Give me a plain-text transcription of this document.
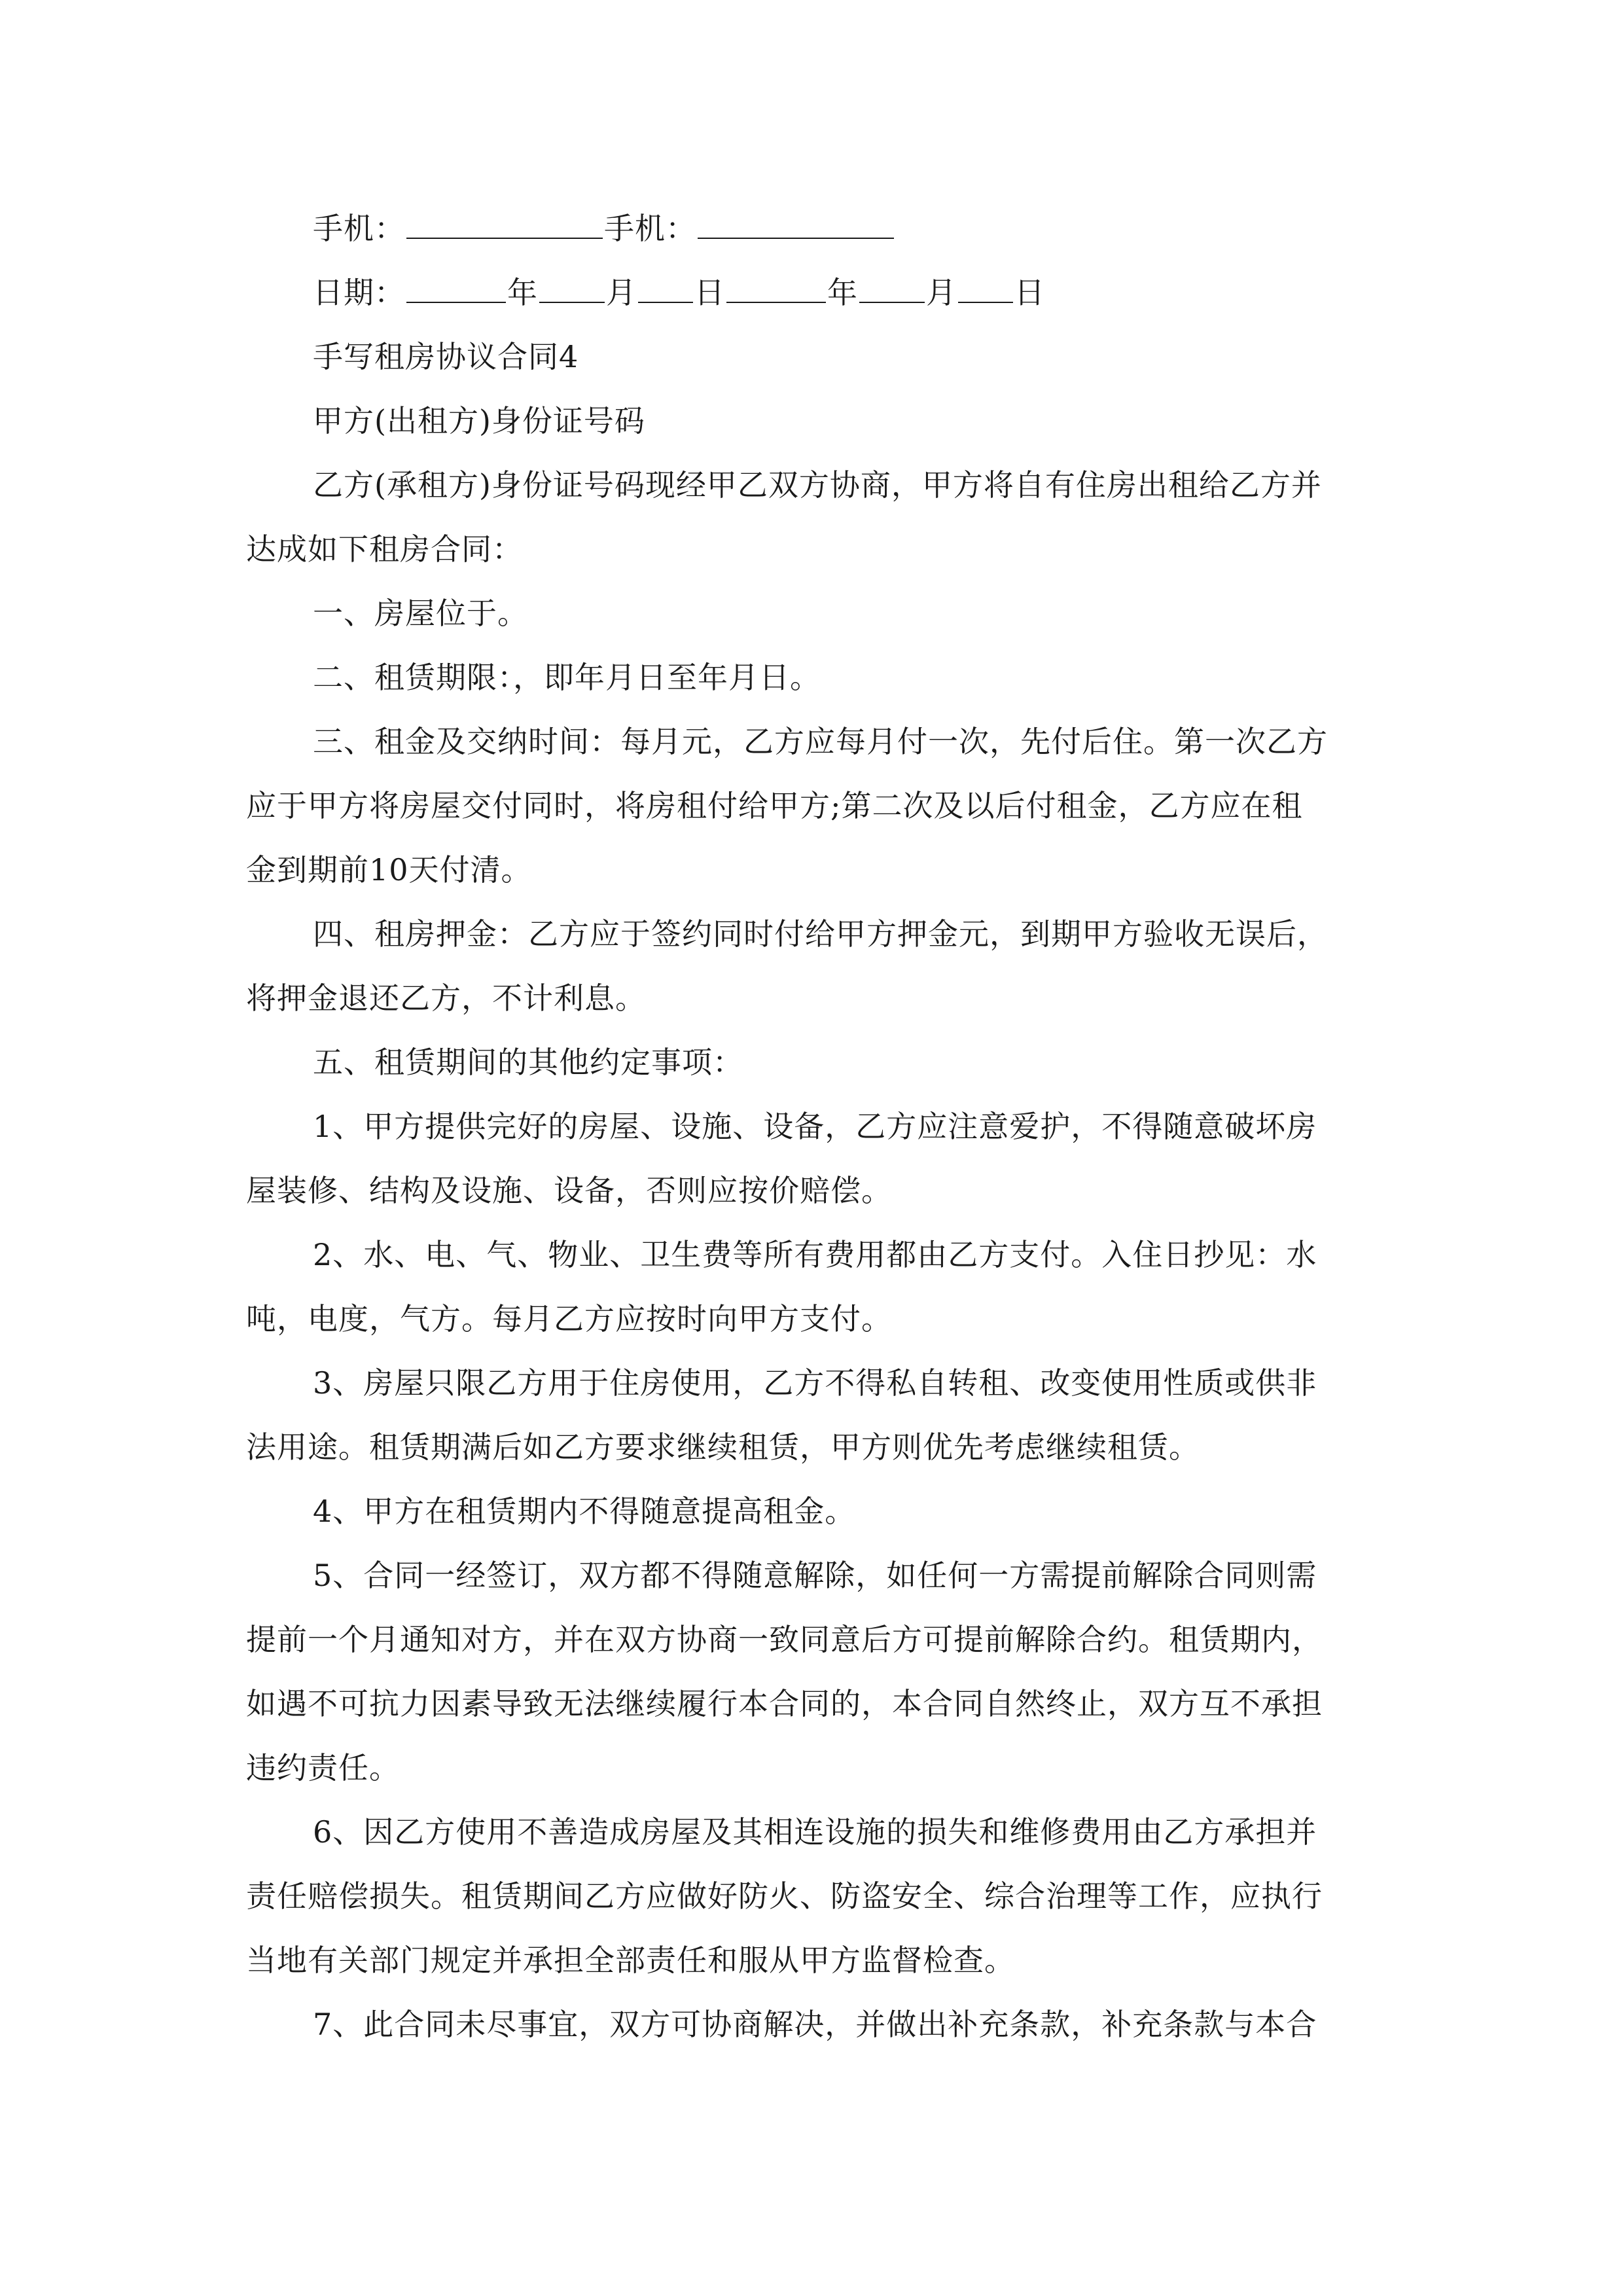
手机：	手机：
日期：	年 月 日	年 月 日
手写租房协议合同4
甲方(出租方)身份证号码
乙方(承租方)身份证号码现经甲乙双方协商，甲方将自有住房出租给乙方并
达成如下租房合同：
一、房屋位于。
二、租赁期限：，即年月日至年月日。
三、租金及交纳时间：每月元，乙方应每月付一次，先付后住。第一次乙方
应于甲方将房屋交付同时，将房租付给甲方;第二次及以后付租金，乙方应在租
金到期前10天付清。
四、租房押金：乙方应于签约同时付给甲方押金元，到期甲方验收无误后，
将押金退还乙方，不计利息。
五、租赁期间的其他约定事项：
1、甲方提供完好的房屋、设施、设备，乙方应注意爱护，不得随意破坏房
屋装修、结构及设施、设备，否则应按价赔偿。
2、水、电、气、物业、卫生费等所有费用都由乙方支付。入住日抄见：水
吨，电度，气方。每月乙方应按时向甲方支付。
3、房屋只限乙方用于住房使用，乙方不得私自转租、改变使用性质或供非
法用途。租赁期满后如乙方要求继续租赁，甲方则优先考虑继续租赁。
4、甲方在租赁期内不得随意提高租金。
5、合同一经签订，双方都不得随意解除，如任何一方需提前解除合同则需
提前一个月通知对方，并在双方协商一致同意后方可提前解除合约。租赁期内，
如遇不可抗力因素导致无法继续履行本合同的，本合同自然终止，双方互不承担
违约责任。
6、因乙方使用不善造成房屋及其相连设施的损失和维修费用由乙方承担并
责任赔偿损失。租赁期间乙方应做好防火、防盗安全、综合治理等工作，应执行
当地有关部门规定并承担全部责任和服从甲方监督检查。
7、此合同未尽事宜，双方可协商解决，并做出补充条款，补充条款与本合
